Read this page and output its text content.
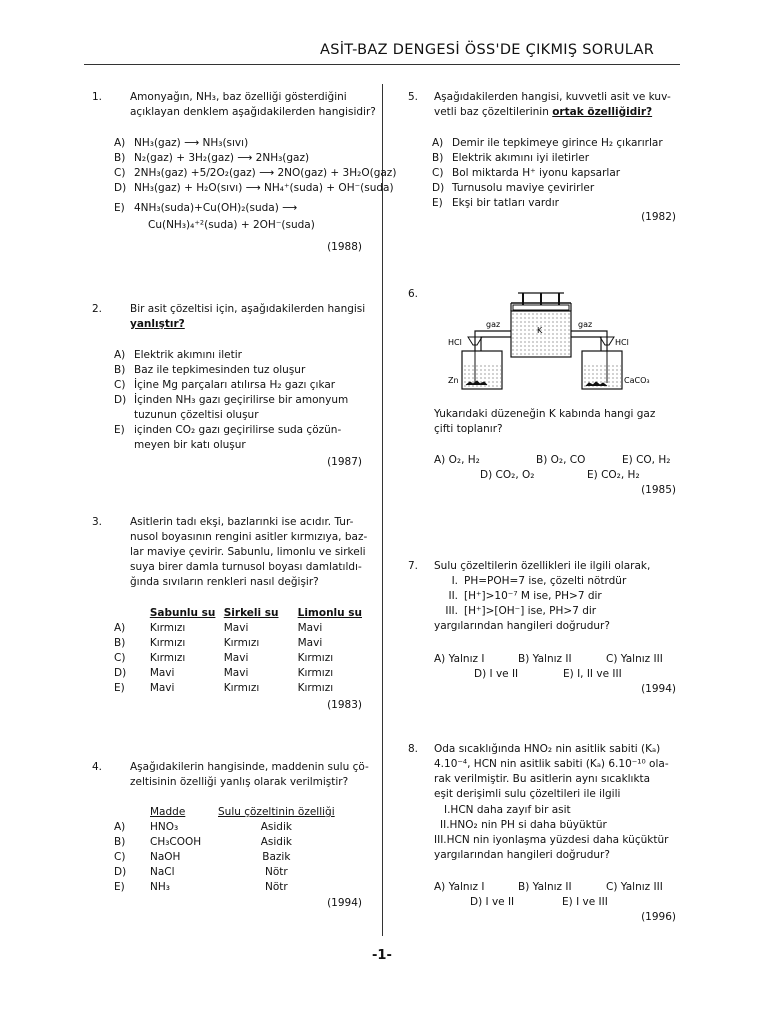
ASİT-BAZ DENGESİ ÖSS'DE ÇIKMIŞ SORULAR
1.	Amonyağın, NH₃, baz özelliği gösterdiğini
açıklayan denklem aşağıdakilerden hangisidir?
A) NH₃(gaz) ⟶ NH₃(sıvı)
B) N₂(gaz) + 3H₂(gaz) ⟶ 2NH₃(gaz)
C) 2NH₃(gaz) +5/2O₂(gaz) ⟶ 2NO(gaz) + 3H₂O(gaz)
D) NH₃(gaz) + H₂O(sıvı) ⟶ NH₄⁺(suda) + OH⁻(suda)
E) 4NH₃(suda)+Cu(OH)₂(suda) ⟶
Cu(NH₃)₄⁺²(suda) + 2OH⁻(suda)
(1988)
2.	Bir asit çözeltisi için, aşağıdakilerden hangisi
yanlıştır?
A) Elektrik akımını iletir
B) Baz ile tepkimesinden tuz oluşur
C) İçine Mg parçaları atılırsa H₂ gazı çıkar
D) İçinden NH₃ gazı geçirilirse bir amonyum
tuzunun çözeltisi oluşur
E) içinden CO₂ gazı geçirilirse suda çözün-
meyen bir katı oluşur
(1987)
3.	Asitlerin tadı ekşi, bazlarınki ise acıdır. Tur-
nusol boyasının rengini asitler kırmızıya, baz-
lar maviye çevirir. Sabunlu, limonlu ve sirkeli
suya birer damla turnusol boyası damlatıldı-
ğında sıvıların renkleri nasıl değişir?
	Sabunlu su	Sirkeli su	Limonlu su
A)	Kırmızı	Mavi	Mavi
B)	Kırmızı	Kırmızı	Mavi
C)	Kırmızı	Mavi	Kırmızı
D)	Mavi	Mavi	Kırmızı
E)	Mavi	Kırmızı	Kırmızı
(1983)
4.	Aşağıdakilerin hangisinde, maddenin sulu çö-
zeltisinin özelliği yanlış olarak verilmiştir?
	Madde	Sulu çözeltinin özelliği
A)	HNO₃	Asidik
B)	CH₃COOH	Asidik
C)	NaOH	Bazik
D)	NaCl	Nötr
E)	NH₃	Nötr
(1994)
5. Aşağıdakilerden hangisi, kuvvetli asit ve kuv-
vetli baz çözeltilerinin ortak özelliğidir?
A) Demir ile tepkimeye girince H₂ çıkarırlar
B) Elektrik akımını iyi iletirler
C) Bol miktarda H⁺ iyonu kapsarlar
D) Turnusolu maviye çevirirler
E) Ekşi bir tatları vardır
(1982)
6.
K
gaz	gaz
HCl	HCl
Zn	CaCO₃
Yukarıdaki düzeneğin K kabında hangi gaz
çifti toplanır?
A) O₂, H₂	B) O₂, CO	E) CO, H₂
D) CO₂, O₂	E) CO₂, H₂
(1985)
7. Sulu çözeltilerin özellikleri ile ilgili olarak,
I. PH=POH=7 ise, çözelti nötrdür
II. [H⁺]>10⁻⁷ M ise, PH>7 dir
III. [H⁺]>[OH⁻] ise, PH>7 dir
yargılarından hangileri doğrudur?
A) Yalnız I	B) Yalnız II	C) Yalnız III
D) I ve II	E) I, II ve III
(1994)
8. Oda sıcaklığında HNO₂ nin asitlik sabiti (Kₐ)
4.10⁻⁴, HCN nin asitlik sabiti (Kₐ) 6.10⁻¹⁰ ola-
rak verilmiştir. Bu asitlerin aynı sıcaklıkta
eşit derişimli sulu çözeltileri ile ilgili
I.HCN daha zayıf bir asit
II.HNO₂ nin PH si daha büyüktür
III.HCN nin iyonlaşma yüzdesi daha küçüktür
yargılarından hangileri doğrudur?
A) Yalnız I	B) Yalnız II	C) Yalnız III
D) I ve II	E) I ve III
(1996)
-1-
